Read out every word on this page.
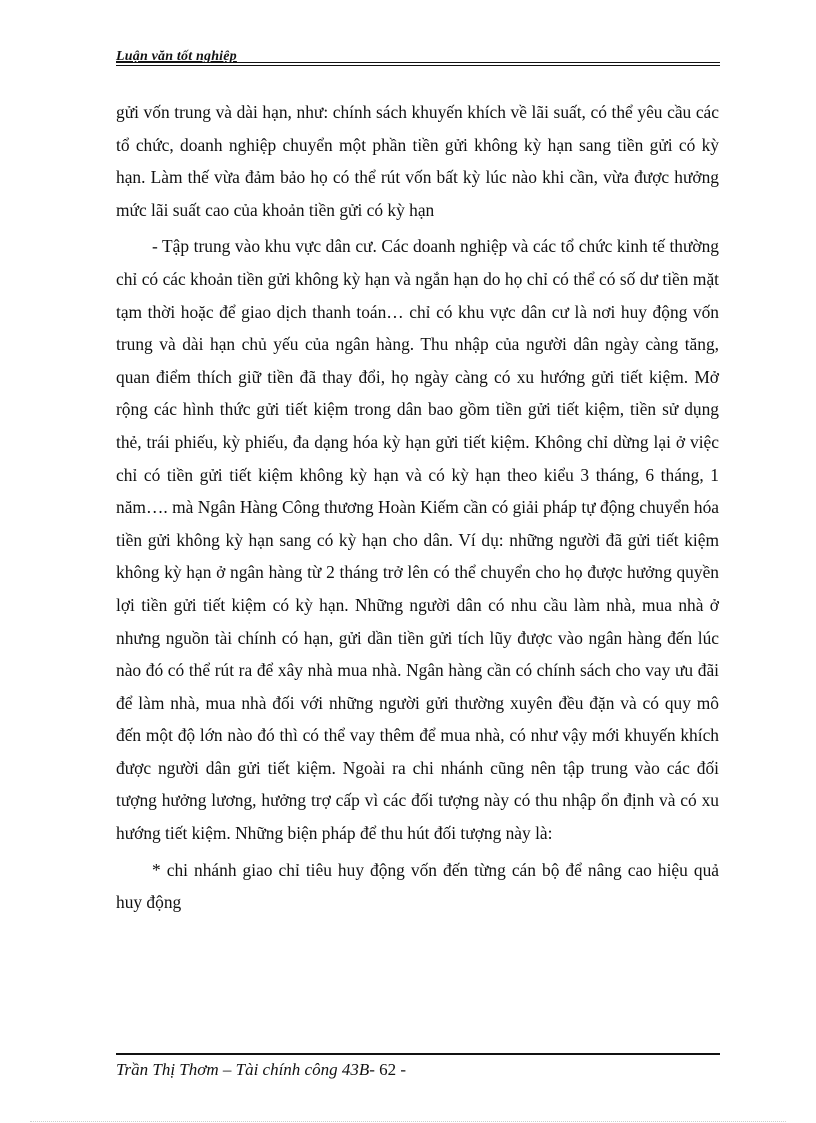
Luận văn tốt nghiệp

gửi vốn trung và dài hạn, như: chính sách khuyến khích về lãi suất, có thể yêu cầu các tổ chức, doanh nghiệp chuyển một phần tiền gửi không kỳ hạn sang tiền gửi có kỳ hạn. Làm thế vừa đảm bảo họ có thể rút vốn bất kỳ lúc nào khi cần, vừa được hưởng mức lãi suất cao của khoản tiền gửi có kỳ hạn

- Tập trung vào khu vực dân cư. Các doanh nghiệp và các tổ chức kinh tế thường chỉ có các khoản tiền gửi không kỳ hạn và ngắn hạn do họ chỉ có thể có số dư tiền mặt tạm thời hoặc để giao dịch thanh toán… chỉ có khu vực dân cư là nơi huy động vốn trung và dài hạn chủ yếu của ngân hàng. Thu nhập của người dân ngày càng tăng, quan điểm thích giữ tiền đã thay đổi, họ ngày càng có xu hướng gửi tiết kiệm. Mở rộng các hình thức gửi tiết kiệm trong dân bao gồm tiền gửi tiết kiệm, tiền sử dụng thẻ, trái phiếu, kỳ phiếu, đa dạng hóa kỳ hạn gửi tiết kiệm. Không chỉ dừng lại ở việc chỉ có tiền gửi tiết kiệm không kỳ hạn và có kỳ hạn theo kiểu 3 tháng, 6 tháng, 1 năm…. mà Ngân Hàng Công thương Hoàn Kiếm cần có giải pháp tự động chuyển hóa tiền gửi không kỳ hạn sang có kỳ hạn cho dân. Ví dụ: những người đã gửi tiết kiệm không kỳ hạn ở ngân hàng từ 2 tháng trở lên có thể chuyển cho họ được hưởng quyền lợi tiền gửi tiết kiệm có kỳ hạn. Những người dân có nhu cầu làm nhà, mua nhà ở nhưng nguồn tài chính có hạn, gửi dần tiền gửi tích lũy được vào ngân hàng đến lúc nào đó có thể rút ra để xây nhà mua nhà. Ngân hàng cần có chính sách cho vay ưu đãi để làm nhà, mua nhà đối với những người gửi thường xuyên đều đặn và có quy mô đến một độ lớn nào đó thì có thể vay thêm để mua nhà, có như vậy mới khuyến khích được người dân gửi tiết kiệm. Ngoài ra chi nhánh cũng nên tập trung vào các đối tượng hưởng lương, hưởng trợ cấp vì các đối tượng này có thu nhập ổn định và có xu hướng tiết kiệm. Những biện pháp để thu hút đối tượng này là:

* chi nhánh giao chỉ tiêu huy động vốn đến từng cán bộ để nâng cao hiệu quả huy động

Trần Thị Thơm – Tài chính công 43B- 62 -
